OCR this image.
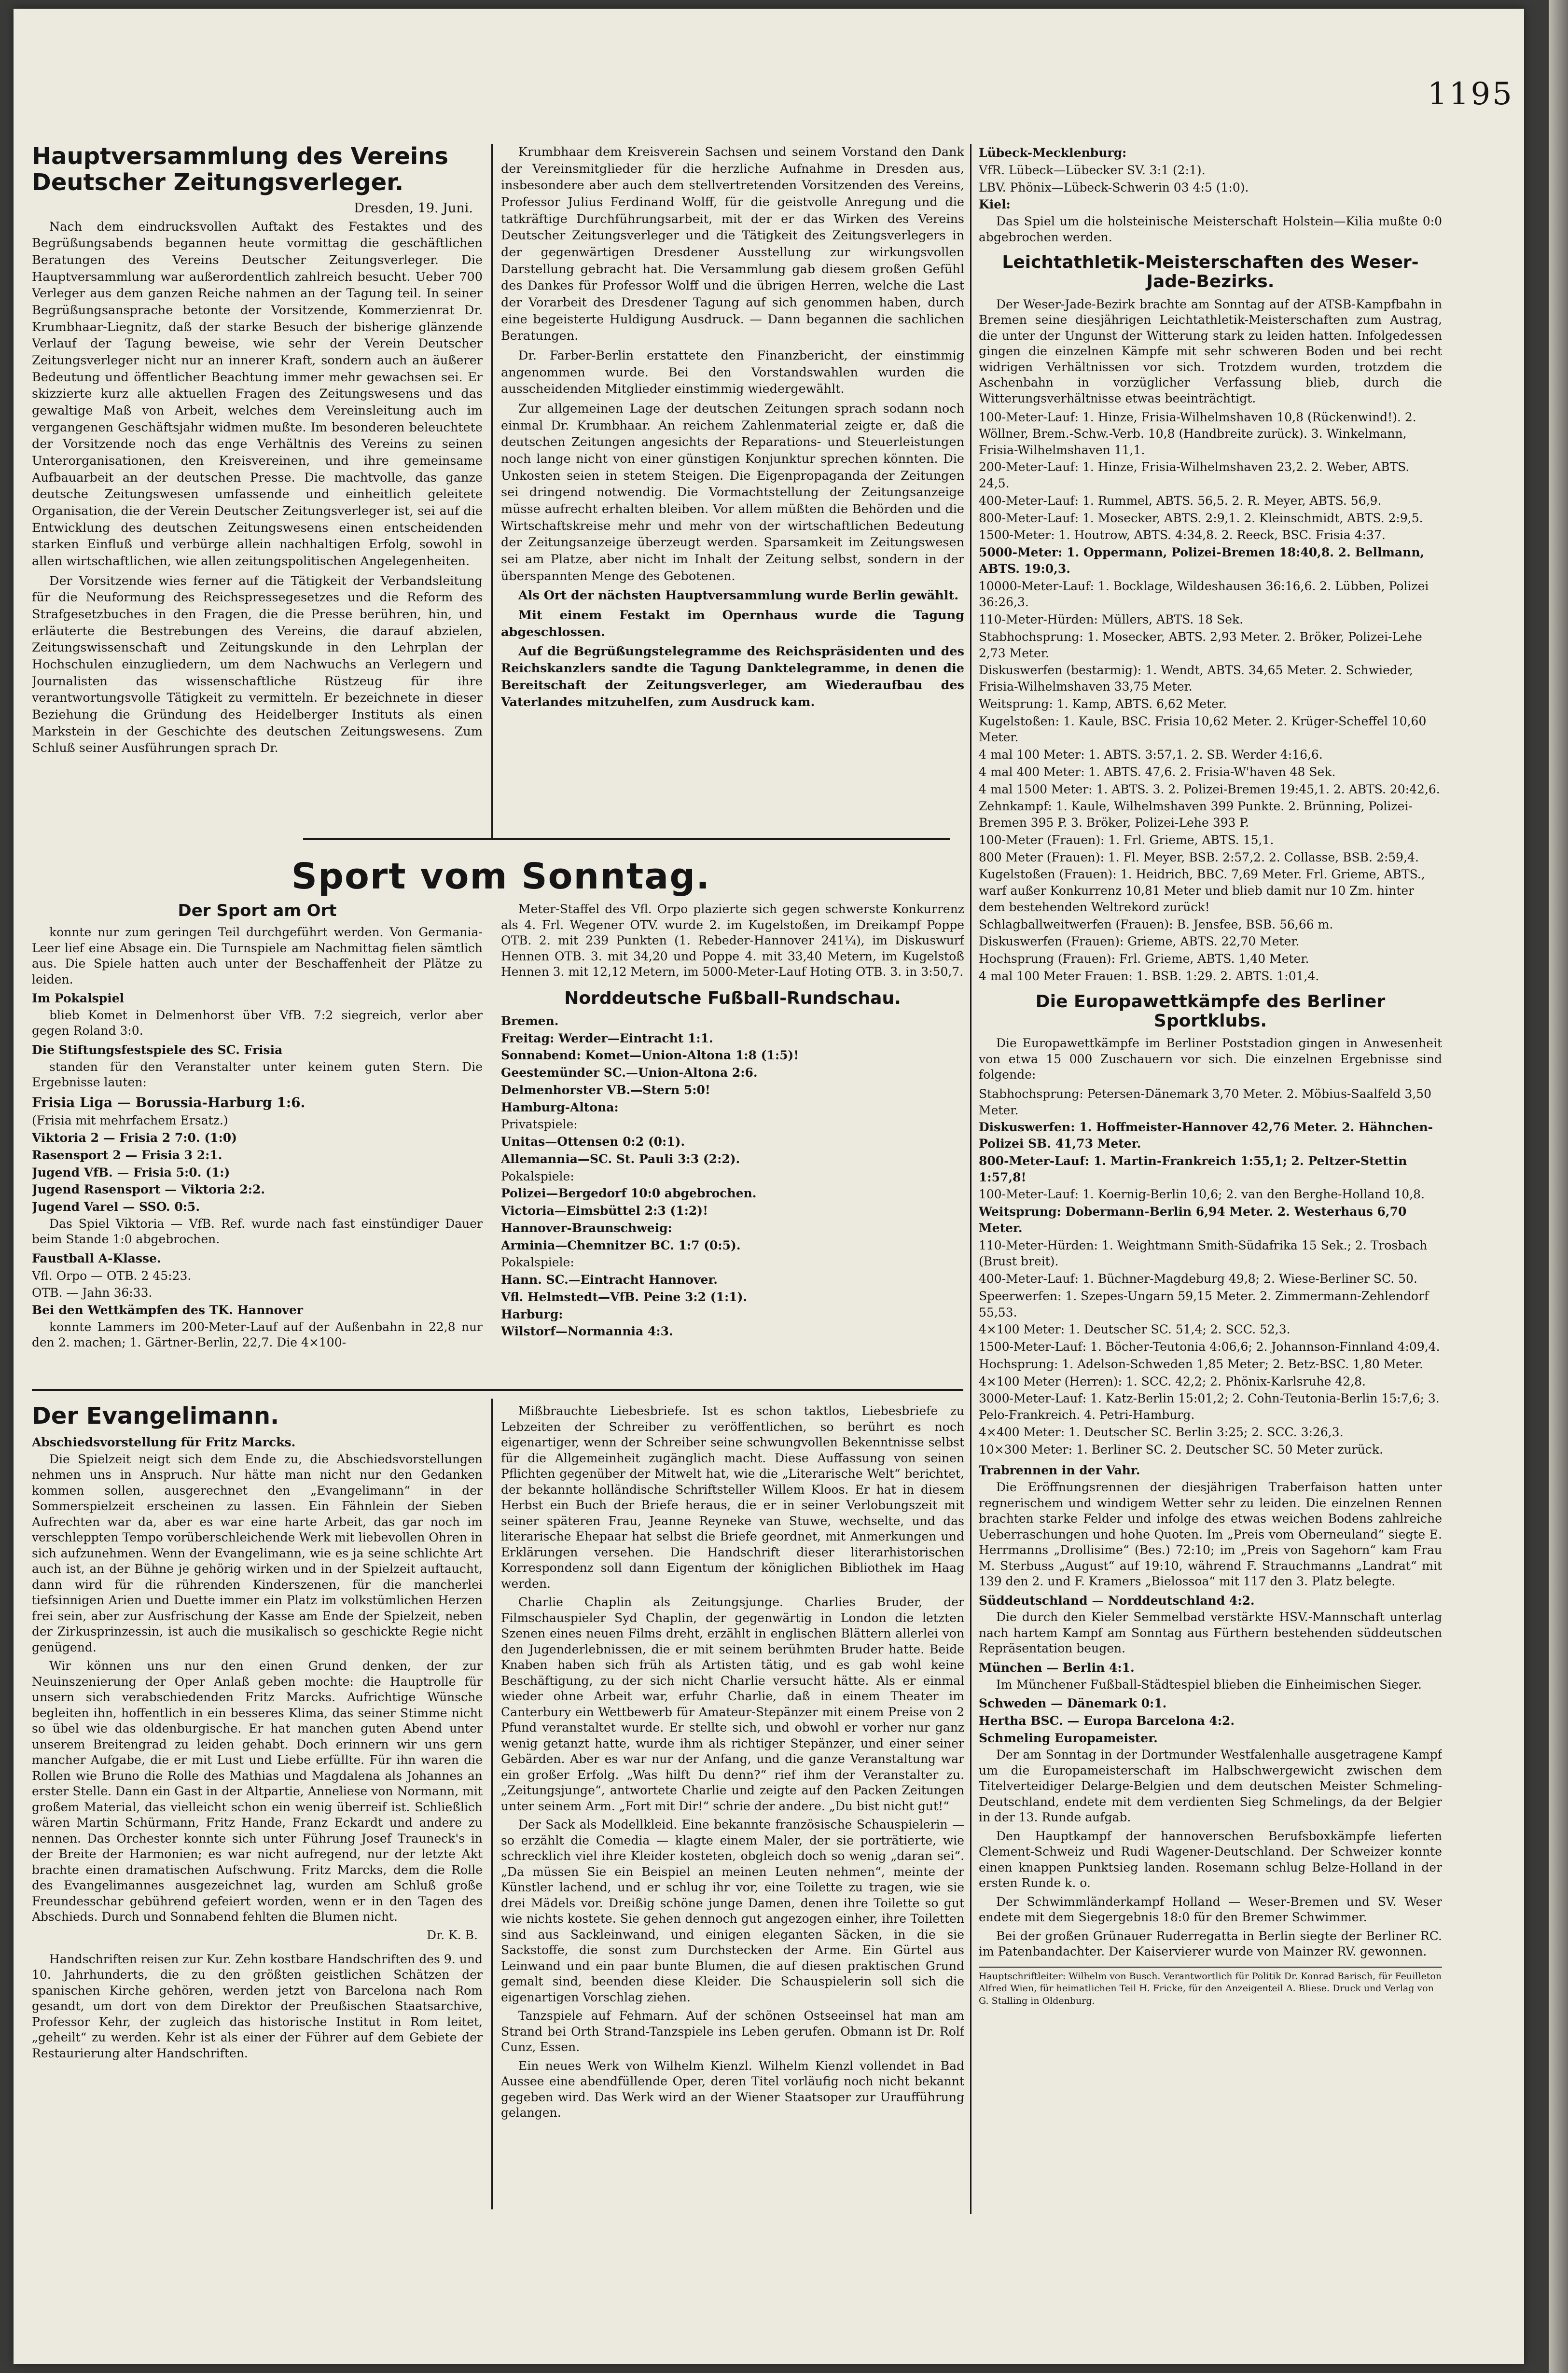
1195
Sport vom Sonntag.
Hauptversammlung des Vereins Deutscher Zeitungsverleger.
Dresden, 19. Juni.

Nach dem eindrucksvollen Auftakt des Festaktes und des Begrüßungsabends begannen heute vormittag die geschäftlichen Beratungen des Vereins Deutscher Zeitungsverleger. Die Hauptversammlung war außerordentlich zahlreich besucht. Ueber 700 Verleger aus dem ganzen Reiche nahmen an der Tagung teil. In seiner Begrüßungsansprache betonte der Vorsitzende, Kommerzienrat Dr. Krumbhaar-Liegnitz, daß der starke Besuch der bisherige glänzende Verlauf der Tagung beweise, wie sehr der Verein Deutscher Zeitungsverleger nicht nur an innerer Kraft, sondern auch an äußerer Bedeutung und öffentlicher Beachtung immer mehr gewachsen sei. Er skizzierte kurz alle aktuellen Fragen des Zeitungswesens und das gewaltige Maß von Arbeit, welches dem Vereinsleitung auch im vergangenen Geschäftsjahr widmen mußte. Im besonderen beleuchtete der Vorsitzende noch das enge Verhältnis des Vereins zu seinen Unterorganisationen, den Kreisvereinen, und ihre gemeinsame Aufbauarbeit an der deutschen Presse. Die machtvolle, das ganze deutsche Zeitungswesen umfassende und einheitlich geleitete Organisation, die der Verein Deutscher Zeitungsverleger ist, sei auf die Entwicklung des deutschen Zeitungswesens einen entscheidenden starken Einfluß und verbürge allein nachhaltigen Erfolg, sowohl in allen wirtschaftlichen, wie allen zeitungspolitischen Angelegenheiten.

Der Vorsitzende wies ferner auf die Tätigkeit der Verbandsleitung für die Neuformung des Reichspressegesetzes und die Reform des Strafgesetzbuches in den Fragen, die die Presse berühren, hin, und erläuterte die Bestrebungen des Vereins, die darauf abzielen, Zeitungswissenschaft und Zeitungskunde in den Lehrplan der Hochschulen einzugliedern, um dem Nachwuchs an Verlegern und Journalisten das wissenschaftliche Rüstzeug für ihre verantwortungsvolle Tätigkeit zu vermitteln. Er bezeichnete in dieser Beziehung die Gründung des Heidelberger Instituts als einen Markstein in der Geschichte des deutschen Zeitungswesens. Zum Schluß seiner Ausführungen sprach Dr.

Krumbhaar dem Kreisverein Sachsen und seinem Vorstand den Dank der Vereinsmitglieder für die herzliche Aufnahme in Dresden aus, insbesondere aber auch dem stellvertretenden Vorsitzenden des Vereins, Professor Julius Ferdinand Wolff, für die geistvolle Anregung und die tatkräftige Durchführungsarbeit, mit der er das Wirken des Vereins Deutscher Zeitungsverleger und die Tätigkeit des Zeitungsverlegers in der gegenwärtigen Dresdener Ausstellung zur wirkungsvollen Darstellung gebracht hat. Die Versammlung gab diesem großen Gefühl des Dankes für Professor Wolff und die übrigen Herren, welche die Last der Vorarbeit des Dresdener Tagung auf sich genommen haben, durch eine begeisterte Huldigung Ausdruck. — Dann begannen die sachlichen Beratungen.

Dr. Farber-Berlin erstattete den Finanzbericht, der einstimmig angenommen wurde. Bei den Vorstandswahlen wurden die ausscheidenden Mitglieder einstimmig wiedergewählt.

Zur allgemeinen Lage der deutschen Zeitungen sprach sodann noch einmal Dr. Krumbhaar. An reichem Zahlenmaterial zeigte er, daß die deutschen Zeitungen angesichts der Reparations- und Steuerleistungen noch lange nicht von einer günstigen Konjunktur sprechen könnten. Die Unkosten seien in stetem Steigen. Die Eigenpropaganda der Zeitungen sei dringend notwendig. Die Vormachtstellung der Zeitungsanzeige müsse aufrecht erhalten bleiben. Vor allem müßten die Behörden und die Wirtschaftskreise mehr und mehr von der wirtschaftlichen Bedeutung der Zeitungsanzeige überzeugt werden. Sparsamkeit im Zeitungswesen sei am Platze, aber nicht im Inhalt der Zeitung selbst, sondern in der überspannten Menge des Gebotenen.

Als Ort der nächsten Hauptversammlung wurde Berlin gewählt.

Mit einem Festakt im Opernhaus wurde die Tagung abgeschlossen.

Auf die Begrüßungstelegramme des Reichspräsidenten und des Reichskanzlers sandte die Tagung Danktelegramme, in denen die Bereitschaft der Zeitungsverleger, am Wiederaufbau des Vaterlandes mitzuhelfen, zum Ausdruck kam.

Der Sport am Ort

konnte nur zum geringen Teil durchgeführt werden. Von Germania-Leer lief eine Absage ein. Die Turnspiele am Nachmittag fielen sämtlich aus. Die Spiele hatten auch unter der Beschaffenheit der Plätze zu leiden.

Im Pokalspiel

blieb Komet in Delmenhorst über VfB. 7:2 siegreich, verlor aber gegen Roland 3:0.

Die Stiftungsfestspiele des SC. Frisia

standen für den Veranstalter unter keinem guten Stern. Die Ergebnisse lauten:

Frisia Liga — Borussia-Harburg 1:6.
(Frisia mit mehrfachem Ersatz.)
Viktoria 2 — Frisia 2 7:0. (1:0)
Rasensport 2 — Frisia 3 2:1.
Jugend VfB. — Frisia 5:0. (1:)
Jugend Rasensport — Viktoria 2:2.
Jugend Varel — SSO. 0:5.

Das Spiel Viktoria — VfB. Ref. wurde nach fast einstündiger Dauer beim Stande 1:0 abgebrochen.

Faustball A-Klasse.
Vfl. Orpo — OTB. 2 45:23.
OTB. — Jahn 36:33.
Bei den Wettkämpfen des TK. Hannover

konnte Lammers im 200-Meter-Lauf auf der Außenbahn in 22,8 nur den 2. machen; 1. Gärtner-Berlin, 22,7. Die 4×100-

Meter-Staffel des Vfl. Orpo plazierte sich gegen schwerste Konkurrenz als 4. Frl. Wegener OTV. wurde 2. im Kugelstoßen, im Dreikampf Poppe OTB. 2. mit 239 Punkten (1. Rebeder-Hannover 241¼), im Diskuswurf Hennen OTB. 3. mit 34,20 und Poppe 4. mit 33,40 Metern, im Kugelstoß Hennen 3. mit 12,12 Metern, im 5000-Meter-Lauf Hoting OTB. 3. in 3:50,7.

Norddeutsche Fußball-Rundschau.
Bremen.
Freitag: Werder—Eintracht 1:1.
Sonnabend: Komet—Union-Altona 1:8 (1:5)!
Geestemünder SC.—Union-Altona 2:6.
Delmenhorster VB.—Stern 5:0!
Hamburg-Altona:
Privatspiele:
Unitas—Ottensen 0:2 (0:1).
Allemannia—SC. St. Pauli 3:3 (2:2).
Pokalspiele:
Polizei—Bergedorf 10:0 abgebrochen.
Victoria—Eimsbüttel 2:3 (1:2)!
Hannover-Braunschweig:
Arminia—Chemnitzer BC. 1:7 (0:5).
Pokalspiele:
Hann. SC.—Eintracht Hannover.
Vfl. Helmstedt—VfB. Peine 3:2 (1:1).
Harburg:
Wilstorf—Normannia 4:3.
Der Evangelimann.
Abschiedsvorstellung für Fritz Marcks.

Die Spielzeit neigt sich dem Ende zu, die Abschiedsvorstellungen nehmen uns in Anspruch. Nur hätte man nicht nur den Gedanken kommen sollen, ausgerechnet den „Evangelimann“ in der Sommerspielzeit erscheinen zu lassen. Ein Fähnlein der Sieben Aufrechten war da, aber es war eine harte Arbeit, das gar noch im verschleppten Tempo vorüberschleichende Werk mit liebevollen Ohren in sich aufzunehmen. Wenn der Evangelimann, wie es ja seine schlichte Art auch ist, an der Bühne je gehörig wirken und in der Spielzeit auftaucht, dann wird für die rührenden Kinderszenen, für die mancherlei tiefsinnigen Arien und Duette immer ein Platz im volkstümlichen Herzen frei sein, aber zur Ausfrischung der Kasse am Ende der Spielzeit, neben der Zirkusprinzessin, ist auch die musikalisch so geschickte Regie nicht genügend.

Wir können uns nur den einen Grund denken, der zur Neuinszenierung der Oper Anlaß geben mochte: die Hauptrolle für unsern sich verabschiedenden Fritz Marcks. Aufrichtige Wünsche begleiten ihn, hoffentlich in ein besseres Klima, das seiner Stimme nicht so übel wie das oldenburgische. Er hat manchen guten Abend unter unserem Breitengrad zu leiden gehabt. Doch erinnern wir uns gern mancher Aufgabe, die er mit Lust und Liebe erfüllte. Für ihn waren die Rollen wie Bruno die Rolle des Mathias und Magdalena als Johannes an erster Stelle. Dann ein Gast in der Altpartie, Anneliese von Normann, mit großem Material, das vielleicht schon ein wenig überreif ist. Schließlich wären Martin Schürmann, Fritz Hande, Franz Eckardt und andere zu nennen. Das Orchester konnte sich unter Führung Josef Trauneck's in der Breite der Harmonien; es war nicht aufregend, nur der letzte Akt brachte einen dramatischen Aufschwung. Fritz Marcks, dem die Rolle des Evangelimannes ausgezeichnet lag, wurden am Schluß große Freundesschar gebührend gefeiert worden, wenn er in den Tagen des Abschieds. Durch und Sonnabend fehlten die Blumen nicht.

Dr. K. B.

Handschriften reisen zur Kur. Zehn kostbare Handschriften des 9. und 10. Jahrhunderts, die zu den größten geistlichen Schätzen der spanischen Kirche gehören, werden jetzt von Barcelona nach Rom gesandt, um dort von dem Direktor der Preußischen Staatsarchive, Professor Kehr, der zugleich das historische Institut in Rom leitet, „geheilt“ zu werden. Kehr ist als einer der Führer auf dem Gebiete der Restaurierung alter Handschriften.

Mißbrauchte Liebesbriefe. Ist es schon taktlos, Liebesbriefe zu Lebzeiten der Schreiber zu veröffentlichen, so berührt es noch eigenartiger, wenn der Schreiber seine schwungvollen Bekenntnisse selbst für die Allgemeinheit zugänglich macht. Diese Auffassung von seinen Pflichten gegenüber der Mitwelt hat, wie die „Literarische Welt“ berichtet, der bekannte holländische Schriftsteller Willem Kloos. Er hat in diesem Herbst ein Buch der Briefe heraus, die er in seiner Verlobungszeit mit seiner späteren Frau, Jeanne Reyneke van Stuwe, wechselte, und das literarische Ehepaar hat selbst die Briefe geordnet, mit Anmerkungen und Erklärungen versehen. Die Handschrift dieser literarhistorischen Korrespondenz soll dann Eigentum der königlichen Bibliothek im Haag werden.

Charlie Chaplin als Zeitungsjunge. Charlies Bruder, der Filmschauspieler Syd Chaplin, der gegenwärtig in London die letzten Szenen eines neuen Films dreht, erzählt in englischen Blättern allerlei von den Jugenderlebnissen, die er mit seinem berühmten Bruder hatte. Beide Knaben haben sich früh als Artisten tätig, und es gab wohl keine Beschäftigung, zu der sich nicht Charlie versucht hätte. Als er einmal wieder ohne Arbeit war, erfuhr Charlie, daß in einem Theater im Canterbury ein Wettbewerb für Amateur-Stepänzer mit einem Preise von 2 Pfund veranstaltet wurde. Er stellte sich, und obwohl er vorher nur ganz wenig getanzt hatte, wurde ihm als richtiger Stepänzer, und einer seiner Gebärden. Aber es war nur der Anfang, und die ganze Veranstaltung war ein großer Erfolg. „Was hilft Du denn?“ rief ihm der Veranstalter zu. „Zeitungsjunge“, antwortete Charlie und zeigte auf den Packen Zeitungen unter seinem Arm. „Fort mit Dir!“ schrie der andere. „Du bist nicht gut!“

Der Sack als Modellkleid. Eine bekannte französische Schauspielerin — so erzählt die Comedia — klagte einem Maler, der sie porträtierte, wie schrecklich viel ihre Kleider kosteten, obgleich doch so wenig „daran sei“. „Da müssen Sie ein Beispiel an meinen Leuten nehmen“, meinte der Künstler lachend, und er schlug ihr vor, eine Toilette zu tragen, wie sie drei Mädels vor. Dreißig schöne junge Damen, denen ihre Toilette so gut wie nichts kostete. Sie gehen dennoch gut angezogen einher, ihre Toiletten sind aus Sackleinwand, und einigen eleganten Säcken, in die sie Sackstoffe, die sonst zum Durchstecken der Arme. Ein Gürtel aus Leinwand und ein paar bunte Blumen, die auf diesen praktischen Grund gemalt sind, beenden diese Kleider. Die Schauspielerin soll sich die eigenartigen Vorschlag ziehen.

Tanzspiele auf Fehmarn. Auf der schönen Ostseeinsel hat man am Strand bei Orth Strand-Tanzspiele ins Leben gerufen. Obmann ist Dr. Rolf Cunz, Essen.

Ein neues Werk von Wilhelm Kienzl. Wilhelm Kienzl vollendet in Bad Aussee eine abendfüllende Oper, deren Titel vorläufig noch nicht bekannt gegeben wird. Das Werk wird an der Wiener Staatsoper zur Uraufführung gelangen.

Lübeck-Mecklenburg:
VfR. Lübeck—Lübecker SV. 3:1 (2:1).
LBV. Phönix—Lübeck-Schwerin 03 4:5 (1:0).
Kiel:

Das Spiel um die holsteinische Meisterschaft Holstein—Kilia mußte 0:0 abgebrochen werden.

Leichtathletik-Meisterschaften des Weser-Jade-Bezirks.

Der Weser-Jade-Bezirk brachte am Sonntag auf der ATSB-Kampfbahn in Bremen seine diesjährigen Leichtathletik-Meisterschaften zum Austrag, die unter der Ungunst der Witterung stark zu leiden hatten. Infolgedessen gingen die einzelnen Kämpfe mit sehr schweren Boden und bei recht widrigen Verhältnissen vor sich. Trotzdem wurden, trotzdem die Aschenbahn in vorzüglicher Verfassung blieb, durch die Witterungsverhältnisse etwas beeinträchtigt.

100-Meter-Lauf: 1. Hinze, Frisia-Wilhelmshaven 10,8 (Rückenwind!). 2. Wöllner, Brem.-Schw.-Verb. 10,8 (Handbreite zurück). 3. Winkelmann, Frisia-Wilhelmshaven 11,1.
200-Meter-Lauf: 1. Hinze, Frisia-Wilhelmshaven 23,2. 2. Weber, ABTS. 24,5.
400-Meter-Lauf: 1. Rummel, ABTS. 56,5. 2. R. Meyer, ABTS. 56,9.
800-Meter-Lauf: 1. Mosecker, ABTS. 2:9,1. 2. Kleinschmidt, ABTS. 2:9,5.
1500-Meter: 1. Houtrow, ABTS. 4:34,8. 2. Reeck, BSC. Frisia 4:37.
5000-Meter: 1. Oppermann, Polizei-Bremen 18:40,8. 2. Bellmann, ABTS. 19:0,3.
10000-Meter-Lauf: 1. Bocklage, Wildeshausen 36:16,6. 2. Lübben, Polizei 36:26,3.
110-Meter-Hürden: Müllers, ABTS. 18 Sek.
Stabhochsprung: 1. Mosecker, ABTS. 2,93 Meter. 2. Bröker, Polizei-Lehe 2,73 Meter.
Diskuswerfen (bestarmig): 1. Wendt, ABTS. 34,65 Meter. 2. Schwieder, Frisia-Wilhelmshaven 33,75 Meter.
Weitsprung: 1. Kamp, ABTS. 6,62 Meter.
Kugelstoßen: 1. Kaule, BSC. Frisia 10,62 Meter. 2. Krüger-Scheffel 10,60 Meter.
4 mal 100 Meter: 1. ABTS. 3:57,1. 2. SB. Werder 4:16,6.
4 mal 400 Meter: 1. ABTS. 47,6. 2. Frisia-W'haven 48 Sek.
4 mal 1500 Meter: 1. ABTS. 3. 2. Polizei-Bremen 19:45,1. 2. ABTS. 20:42,6.
Zehnkampf: 1. Kaule, Wilhelmshaven 399 Punkte. 2. Brünning, Polizei-Bremen 395 P. 3. Bröker, Polizei-Lehe 393 P.
100-Meter (Frauen): 1. Frl. Grieme, ABTS. 15,1.
800 Meter (Frauen): 1. Fl. Meyer, BSB. 2:57,2. 2. Collasse, BSB. 2:59,4.
Kugelstoßen (Frauen): 1. Heidrich, BBC. 7,69 Meter. Frl. Grieme, ABTS., warf außer Konkurrenz 10,81 Meter und blieb damit nur 10 Zm. hinter dem bestehenden Weltrekord zurück!
Schlagballweitwerfen (Frauen): B. Jensfee, BSB. 56,66 m.
Diskuswerfen (Frauen): Grieme, ABTS. 22,70 Meter.
Hochsprung (Frauen): Frl. Grieme, ABTS. 1,40 Meter.
4 mal 100 Meter Frauen: 1. BSB. 1:29. 2. ABTS. 1:01,4.
Die Europawettkämpfe des Berliner Sportklubs.

Die Europawettkämpfe im Berliner Poststadion gingen in Anwesenheit von etwa 15 000 Zuschauern vor sich. Die einzelnen Ergebnisse sind folgende:

Stabhochsprung: Petersen-Dänemark 3,70 Meter. 2. Möbius-Saalfeld 3,50 Meter.
Diskuswerfen: 1. Hoffmeister-Hannover 42,76 Meter. 2. Hähnchen-Polizei SB. 41,73 Meter.
800-Meter-Lauf: 1. Martin-Frankreich 1:55,1; 2. Peltzer-Stettin 1:57,8!
100-Meter-Lauf: 1. Koernig-Berlin 10,6; 2. van den Berghe-Holland 10,8.
Weitsprung: Dobermann-Berlin 6,94 Meter. 2. Westerhaus 6,70 Meter.
110-Meter-Hürden: 1. Weightmann Smith-Südafrika 15 Sek.; 2. Trosbach (Brust breit).
400-Meter-Lauf: 1. Büchner-Magdeburg 49,8; 2. Wiese-Berliner SC. 50.
Speerwerfen: 1. Szepes-Ungarn 59,15 Meter. 2. Zimmermann-Zehlendorf 55,53.
4×100 Meter: 1. Deutscher SC. 51,4; 2. SCC. 52,3.
1500-Meter-Lauf: 1. Böcher-Teutonia 4:06,6; 2. Johannson-Finnland 4:09,4.
Hochsprung: 1. Adelson-Schweden 1,85 Meter; 2. Betz-BSC. 1,80 Meter.
4×100 Meter (Herren): 1. SCC. 42,2; 2. Phönix-Karlsruhe 42,8.
3000-Meter-Lauf: 1. Katz-Berlin 15:01,2; 2. Cohn-Teutonia-Berlin 15:7,6; 3. Pelo-Frankreich. 4. Petri-Hamburg.
4×400 Meter: 1. Deutscher SC. Berlin 3:25; 2. SCC. 3:26,3.
10×300 Meter: 1. Berliner SC. 2. Deutscher SC. 50 Meter zurück.
Trabrennen in der Vahr.

Die Eröffnungsrennen der diesjährigen Traberfaison hatten unter regnerischem und windigem Wetter sehr zu leiden. Die einzelnen Rennen brachten starke Felder und infolge des etwas weichen Bodens zahlreiche Ueberraschungen und hohe Quoten. Im „Preis vom Oberneuland“ siegte E. Herrmanns „Drollisime“ (Bes.) 72:10; im „Preis von Sagehorn“ kam Frau M. Sterbuss „August“ auf 19:10, während F. Strauchmanns „Landrat“ mit 139 den 2. und F. Kramers „Bielossoa“ mit 117 den 3. Platz belegte.

Süddeutschland — Norddeutschland 4:2.

Die durch den Kieler Semmelbad verstärkte HSV.-Mannschaft unterlag nach hartem Kampf am Sonntag aus Fürthern bestehenden süddeutschen Repräsentation beugen.

München — Berlin 4:1.

Im Münchener Fußball-Städtespiel blieben die Einheimischen Sieger.

Schweden — Dänemark 0:1.
Hertha BSC. — Europa Barcelona 4:2.
Schmeling Europameister.

Der am Sonntag in der Dortmunder Westfalenhalle ausgetragene Kampf um die Europameisterschaft im Halbschwergewicht zwischen dem Titelverteidiger Delarge-Belgien und dem deutschen Meister Schmeling-Deutschland, endete mit dem verdienten Sieg Schmelings, da der Belgier in der 13. Runde aufgab.

Den Hauptkampf der hannoverschen Berufsboxkämpfe lieferten Clement-Schweiz und Rudi Wagener-Deutschland. Der Schweizer konnte einen knappen Punktsieg landen. Rosemann schlug Belze-Holland in der ersten Runde k. o.

Der Schwimmländerkampf Holland — Weser-Bremen und SV. Weser endete mit dem Siegergebnis 18:0 für den Bremer Schwimmer.

Bei der großen Grünauer Ruderregatta in Berlin siegte der Berliner RC. im Patenbandachter. Der Kaiservierer wurde von Mainzer RV. gewonnen.

Hauptschriftleiter: Wilhelm von Busch. Verantwortlich für Politik Dr. Konrad Barisch, für Feuilleton Alfred Wien, für heimatlichen Teil H. Fricke, für den Anzeigenteil A. Bliese. Druck und Verlag von G. Stalling in Oldenburg.
